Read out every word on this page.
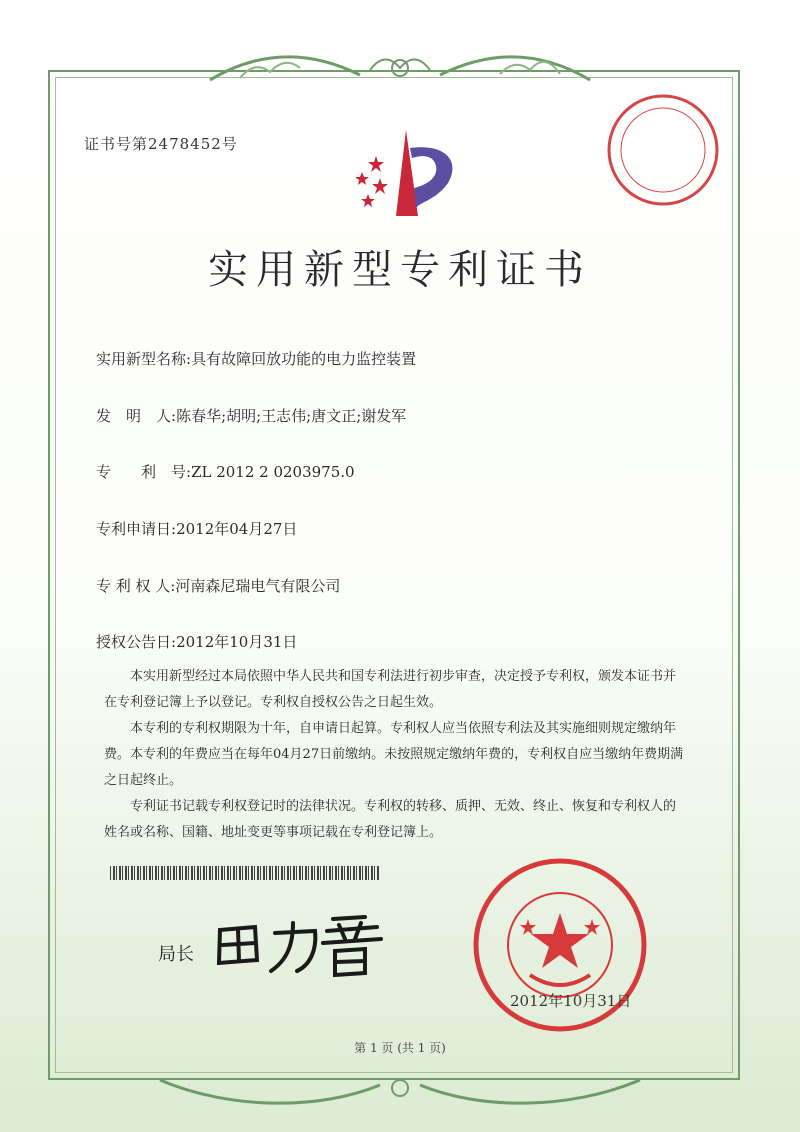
证书号第2478452号
实用新型专利证书
实用新型名称:具有故障回放功能的电力监控装置
发　明　人:陈春华;胡明;王志伟;唐文正;谢发军
专　　利　号:ZL 2012 2 0203975.0
专利申请日:2012年04月27日
专 利 权 人:河南森尼瑞电气有限公司
授权公告日:2012年10月31日

本实用新型经过本局依照中华人民共和国专利法进行初步审查，决定授予专利权，颁发本证书并在专利登记簿上予以登记。专利权自授权公告之日起生效。

本专利的专利权期限为十年，自申请日起算。专利权人应当依照专利法及其实施细则规定缴纳年费。本专利的年费应当在每年04月27日前缴纳。未按照规定缴纳年费的，专利权自应当缴纳年费期满之日起终止。

专利证书记载专利权登记时的法律状况。专利权的转移、质押、无效、终止、恢复和专利权人的姓名或名称、国籍、地址变更等事项记载在专利登记簿上。

局长
2012年10月31日
第 1 页 (共 1 页)
